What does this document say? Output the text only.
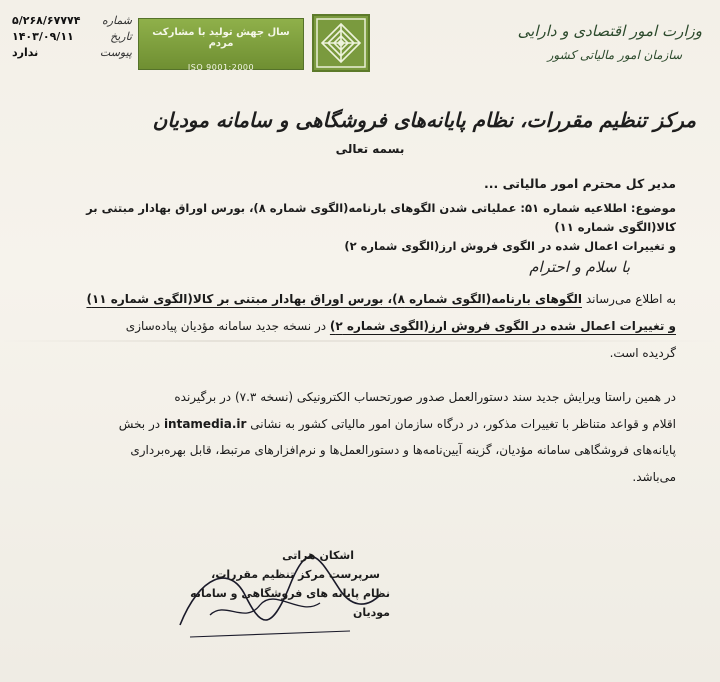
وزارت امور اقتصادی و دارایی
سازمان امور مالیاتی کشور
سال جهش تولید با مشارکت مردم
ISO 9001:2000
شماره
۵/۲۶۸/۶۷۷۷۴
تاریخ
۱۴۰۳/۰۹/۱۱
پیوست
ندارد
مرکز تنظیم مقررات، نظام پایانه‌های فروشگاهی و سامانه مودیان
بسمه تعالی
مدیر کل محترم امور مالیاتی ...
موضوع: اطلاعیه شماره ۵۱: عملیاتی شدن الگوهای بارنامه(الگوی شماره ۸)، بورس اوراق بهادار مبتنی بر کالا(الگوی شماره ۱۱)
و تغییرات اعمال شده در الگوی فروش ارز(الگوی شماره ۲)
با سلام و احترام
به اطلاع می‌رساند الگوهای بارنامه(الگوی شماره ۸)، بورس اوراق بهادار مبتنی بر کالا(الگوی شماره ۱۱)
و تغییرات اعمال شده در الگوی فروش ارز(الگوی شماره ۲) در نسخه جدید سامانه مؤدیان پیاده‌سازی
گردیده است.
در همین راستا ویرایش جدید سند دستورالعمل صدور صورتحساب الکترونیکی (نسخه ۷.۳) در برگیرنده
اقلام و قواعد متناظر با تغییرات مذکور، در درگاه سازمان امور مالیاتی کشور به نشانی intamedia.ir در بخش
پایانه‌های فروشگاهی سامانه مؤدیان، گزینه آیین‌نامه‌ها و دستورالعمل‌ها و نرم‌افزارهای مرتبط، قابل بهره‌برداری
می‌باشد.
اشکان هراتی
سرپرست مرکز تنظیم مقررات،
نظام پایانه های فروشگاهی و سامانه مودیان
